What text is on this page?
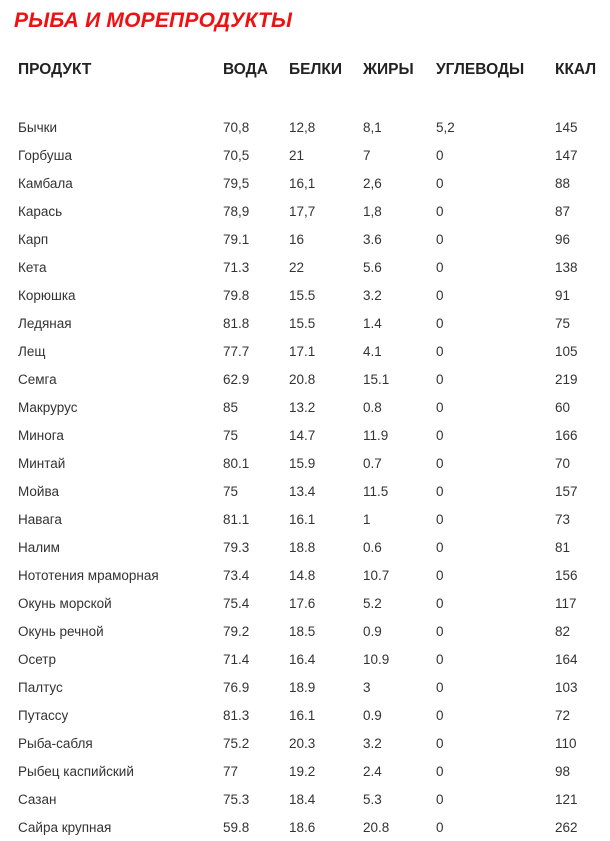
РЫБА И МОРЕПРОДУКТЫ
ПРОДУКТ	ВОДА	БЕЛКИ	ЖИРЫ	УГЛЕВОДЫ	ККАЛ

Бычки	70,8	12,8	8,1	5,2	145
Горбуша	70,5	21	7	0	147
Камбала	79,5	16,1	2,6	0	88
Карась	78,9	17,7	1,8	0	87
Карп	79.1	16	3.6	0	96
Кета	71.3	22	5.6	0	138
Корюшка	79.8	15.5	3.2	0	91
Ледяная	81.8	15.5	1.4	0	75
Лещ	77.7	17.1	4.1	0	105
Семга	62.9	20.8	15.1	0	219
Макрурус	85	13.2	0.8	0	60
Минога	75	14.7	11.9	0	166
Минтай	80.1	15.9	0.7	0	70
Мойва	75	13.4	11.5	0	157
Навага	81.1	16.1	1	0	73
Налим	79.3	18.8	0.6	0	81
Нототения мраморная	73.4	14.8	10.7	0	156
Окунь морской	75.4	17.6	5.2	0	117
Окунь речной	79.2	18.5	0.9	0	82
Осетр	71.4	16.4	10.9	0	164
Палтус	76.9	18.9	3	0	103
Путассу	81.3	16.1	0.9	0	72
Рыба-сабля	75.2	20.3	3.2	0	110
Рыбец каспийский	77	19.2	2.4	0	98
Сазан	75.3	18.4	5.3	0	121
Сайра крупная	59.8	18.6	20.8	0	262
